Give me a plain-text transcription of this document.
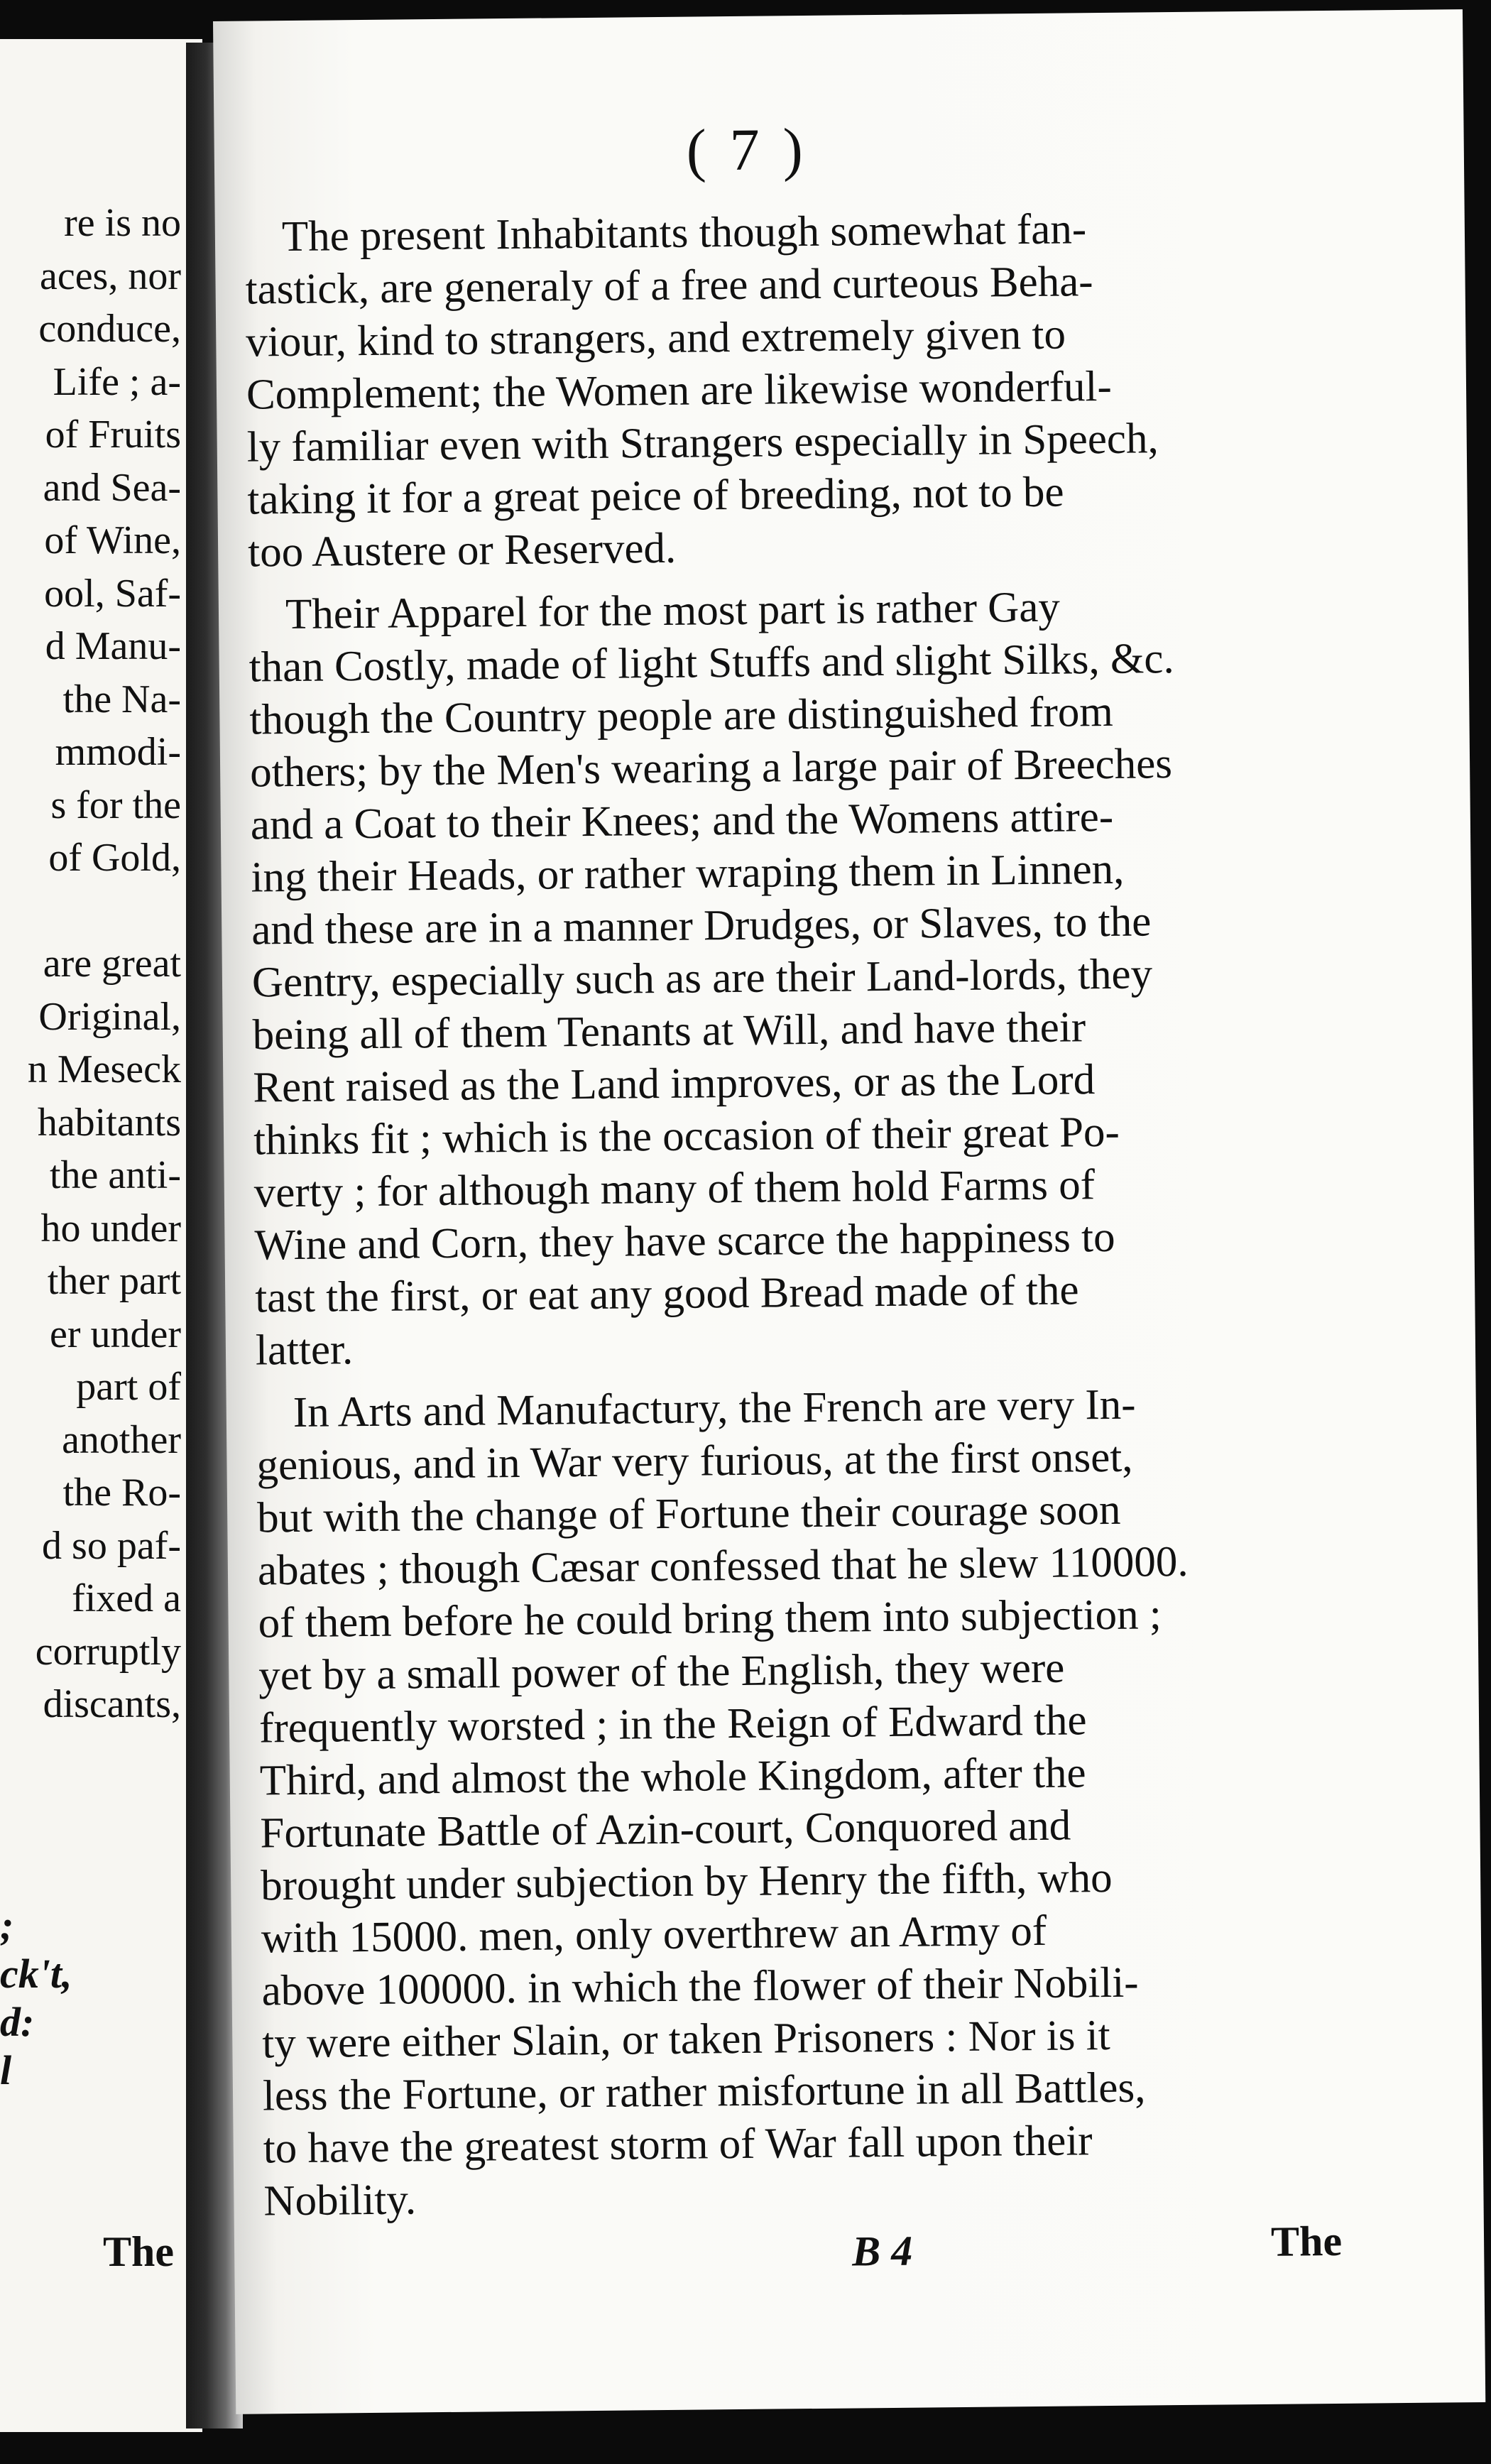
re is no
aces, nor
conduce,
Life ; a-
of Fruits
and Sea-
of Wine,
ool, Saf-
d Manu-
the Na-
mmodi-
s for the
of Gold,

are great
Original,
n Meseck
habitants
the anti-
ho under
ther part
er under
part of
another
the Ro-
d so paf-
fixed a
corruptly
discants,
;
ck't,
d:
l
The
( 7 )
The present Inhabitants though somewhat fan-
tastick, are generaly of a free and curteous Beha-
viour, kind to strangers, and extremely given to
Complement; the Women are likewise wonderful-
ly familiar even with Strangers especially in Speech,
taking it for a great peice of breeding, not to be
too Austere or Reserved.
Their Apparel for the most part is rather Gay
than Costly, made of light Stuffs and slight Silks, &c.
though the Country people are distinguished from
others; by the Men's wearing a large pair of Breeches
and a Coat to their Knees; and the Womens attire-
ing their Heads, or rather wraping them in Linnen,
and these are in a manner Drudges, or Slaves, to the
Gentry, especially such as are their Land-lords, they
being all of them Tenants at Will, and have their
Rent raised as the Land improves, or as the Lord
thinks fit ; which is the occasion of their great Po-
verty ; for although many of them hold Farms of
Wine and Corn, they have scarce the happiness to
tast the first, or eat any good Bread made of the
latter.
In Arts and Manufactury, the French are very In-
genious, and in War very furious, at the first onset,
but with the change of Fortune their courage soon
abates ; though Cæsar confessed that he slew 110000.
of them before he could bring them into subjection ;
yet by a small power of the English, they were
frequently worsted ; in the Reign of Edward the
Third, and almost the whole Kingdom, after the
Fortunate Battle of Azin-court, Conquored and
brought under subjection by Henry the fifth, who
with 15000. men, only overthrew an Army of
above 100000. in which the flower of their Nobili-
ty were either Slain, or taken Prisoners : Nor is it
less the Fortune, or rather misfortune in all Battles,
to have the greatest storm of War fall upon their
Nobility.
B 4	The
